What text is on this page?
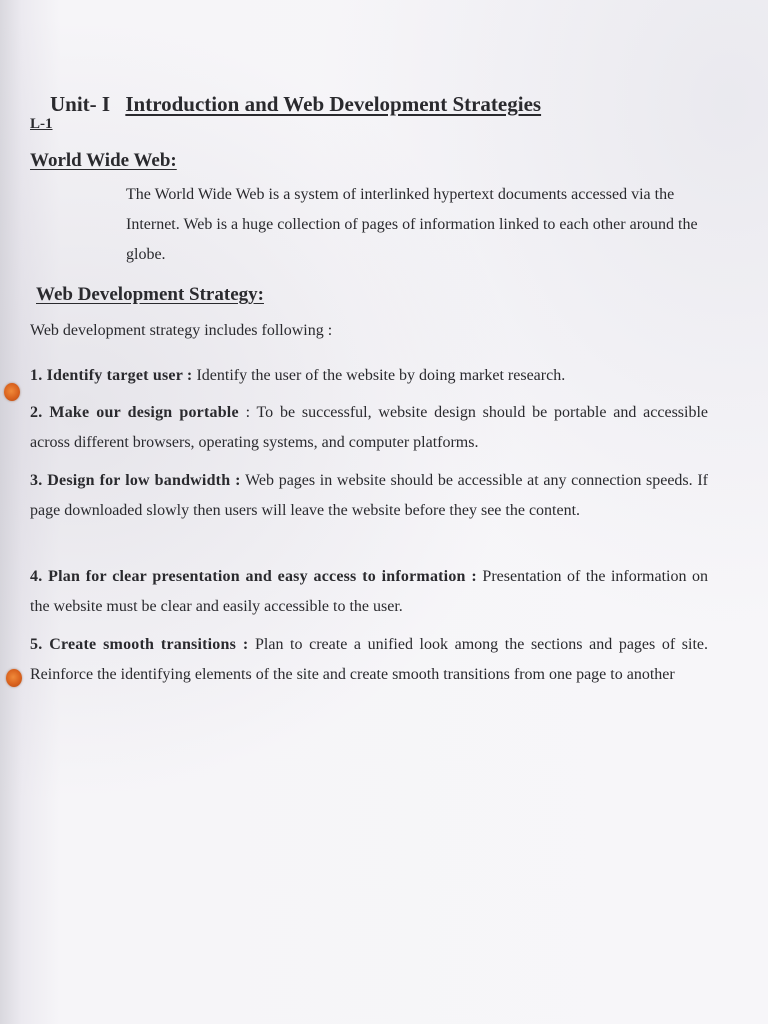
Unit- I Introduction and Web Development Strategies
L-1
World Wide Web:
The World Wide Web is a system of interlinked hypertext documents accessed via the Internet. Web is a huge collection of pages of information linked to each other around the globe.
Web Development Strategy:
Web development strategy includes following :
1. Identify target user : Identify the user of the website by doing market research.
2. Make our design portable : To be successful, website design should be portable and accessible across different browsers, operating systems, and computer platforms.
3. Design for low bandwidth : Web pages in website should be accessible at any connection speeds. If page downloaded slowly then users will leave the website before they see the content.
4. Plan for clear presentation and easy access to information : Presentation of the information on the website must be clear and easily accessible to the user.
5. Create smooth transitions : Plan to create a unified look among the sections and pages of site. Reinforce the identifying elements of the site and create smooth transitions from one page to another
